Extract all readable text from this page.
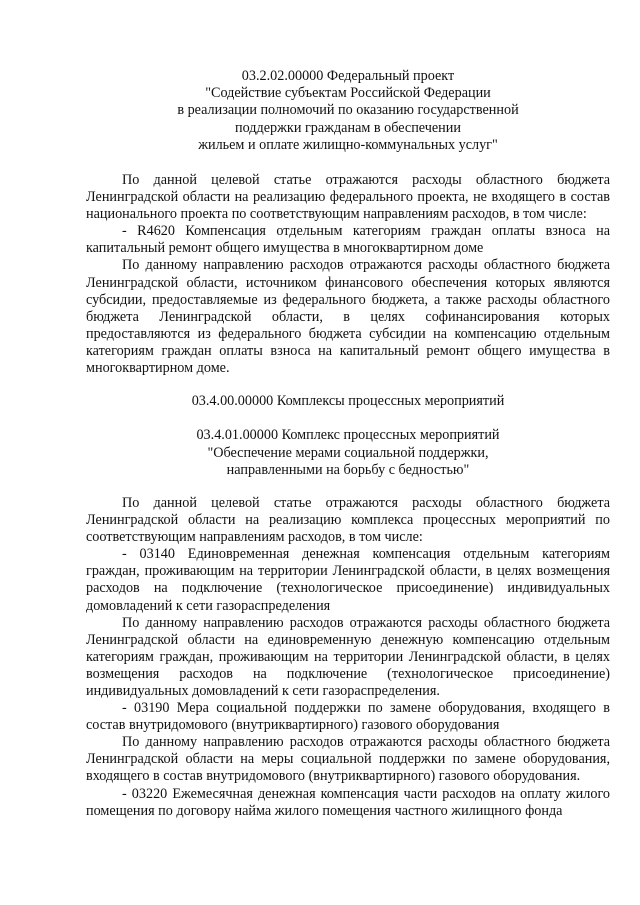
03.2.02.00000 Федеральный проект
"Содействие субъектам Российской Федерации
в реализации полномочий по оказанию государственной
поддержки гражданам в обеспечении
жильем и оплате жилищно-коммунальных услуг"

По данной целевой статье отражаются расходы областного бюджета Ленинградской области на реализацию федерального проекта, не входящего в состав национального проекта по соответствующим направлениям расходов, в том числе:

- R4620 Компенсация отдельным категориям граждан оплаты взноса на капитальный ремонт общего имущества в многоквартирном доме

По данному направлению расходов отражаются расходы областного бюджета Ленинградской области, источником финансового обеспечения которых являются субсидии, предоставляемые из федерального бюджета, а также расходы областного бюджета Ленинградской области, в целях софинансирования которых предоставляются из федерального бюджета субсидии на компенсацию отдельным категориям граждан оплаты взноса на капитальный ремонт общего имущества в многоквартирном доме.

03.4.00.00000 Комплексы процессных мероприятий
03.4.01.00000 Комплекс процессных мероприятий
"Обеспечение мерами социальной поддержки,
направленными на борьбу с бедностью"

По данной целевой статье отражаются расходы областного бюджета Ленинградской области на реализацию комплекса процессных мероприятий по соответствующим направлениям расходов, в том числе:

- 03140 Единовременная денежная компенсация отдельным категориям граждан, проживающим на территории Ленинградской области, в целях возмещения расходов на подключение (технологическое присоединение) индивидуальных домовладений к сети газораспределения

По данному направлению расходов отражаются расходы областного бюджета Ленинградской области на единовременную денежную компенсацию отдельным категориям граждан, проживающим на территории Ленинградской области, в целях возмещения расходов на подключение (технологическое присоединение) индивидуальных домовладений к сети газораспределения.

- 03190 Мера социальной поддержки по замене оборудования, входящего в состав внутридомового (внутриквартирного) газового оборудования

По данному направлению расходов отражаются расходы областного бюджета Ленинградской области на меры социальной поддержки по замене оборудования, входящего в состав внутридомового (внутриквартирного) газового оборудования.

- 03220 Ежемесячная денежная компенсация части расходов на оплату жилого помещения по договору найма жилого помещения частного жилищного фонда
